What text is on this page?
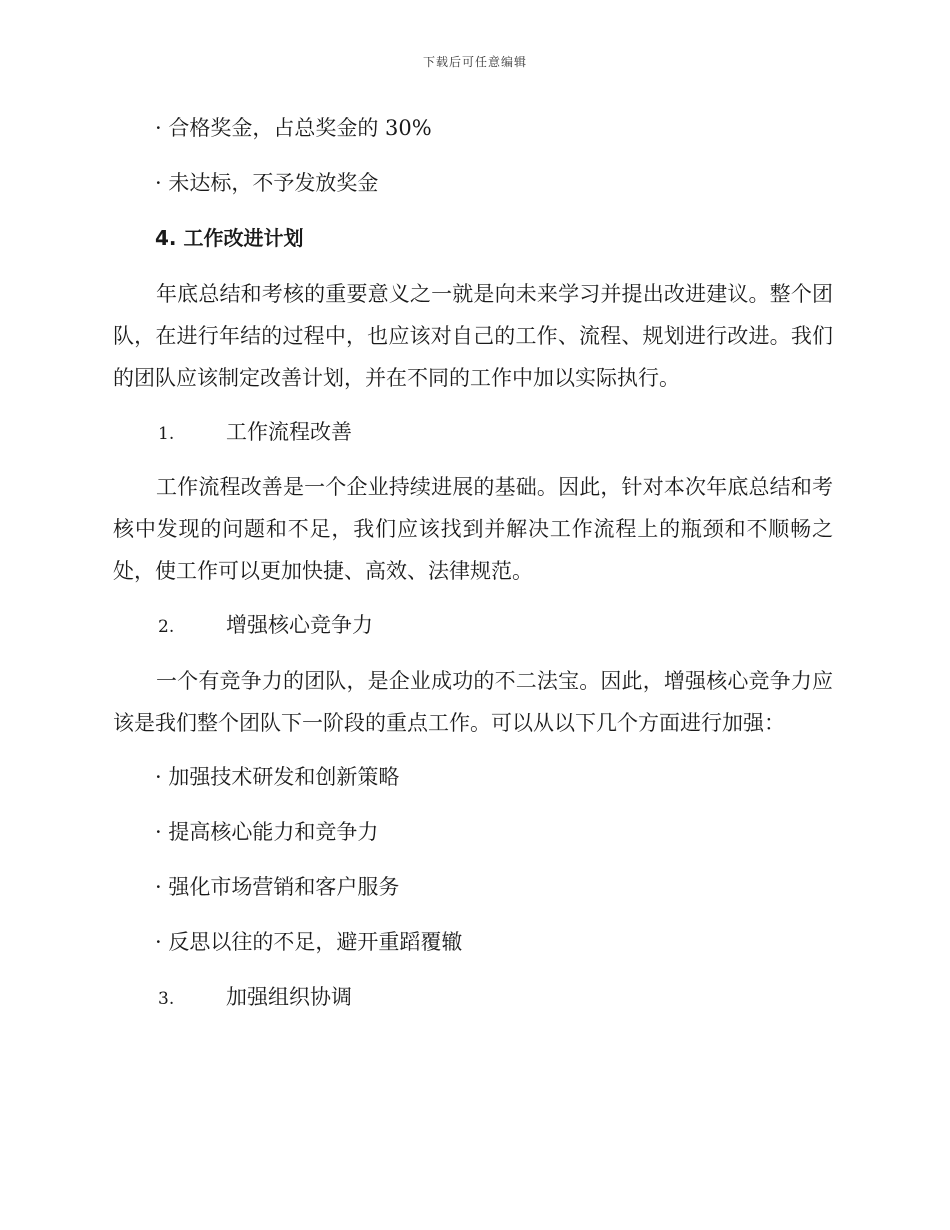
下载后可任意编辑
· 合格奖金，占总奖金的 30%
· 未达标，不予发放奖金
4. 工作改进计划
年底总结和考核的重要意义之一就是向未来学习并提出改进建议。整个团队，在进行年结的过程中，也应该对自己的工作、流程、规划进行改进。我们的团队应该制定改善计划，并在不同的工作中加以实际执行。
1. 工作流程改善
工作流程改善是一个企业持续进展的基础。因此，针对本次年底总结和考核中发现的问题和不足，我们应该找到并解决工作流程上的瓶颈和不顺畅之处，使工作可以更加快捷、高效、法律规范。
2. 增强核心竞争力
一个有竞争力的团队，是企业成功的不二法宝。因此，增强核心竞争力应该是我们整个团队下一阶段的重点工作。可以从以下几个方面进行加强：
· 加强技术研发和创新策略
· 提高核心能力和竞争力
· 强化市场营销和客户服务
· 反思以往的不足，避开重蹈覆辙
3. 加强组织协调
